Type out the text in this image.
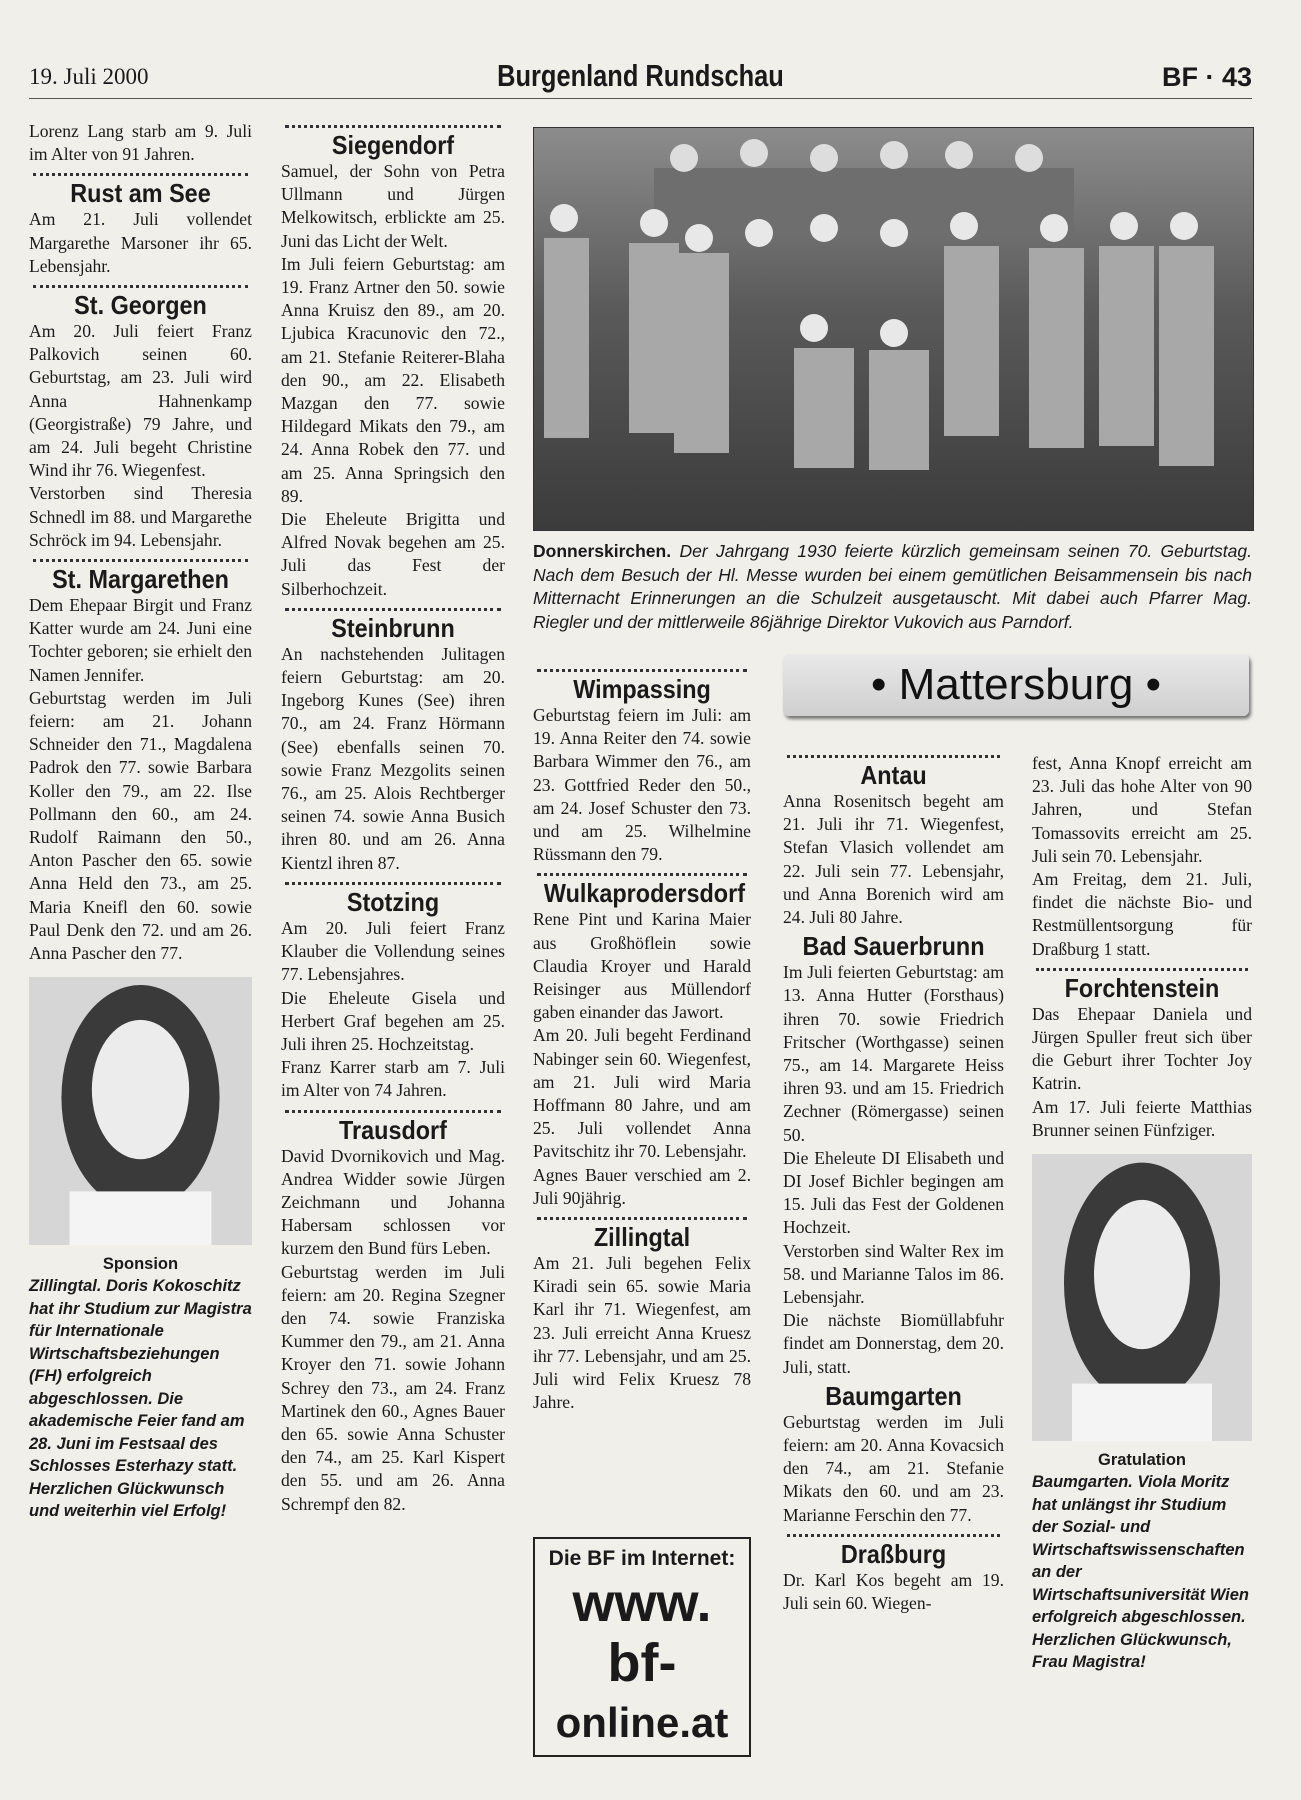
19. Juli 2000	Burgenland Rundschau	BF · 43
Donnerskirchen. Der Jahrgang 1930 feierte kürzlich gemeinsam seinen 70. Geburtstag. Nach dem Besuch der Hl. Messe wurden bei einem gemütlichen Beisammensein bis nach Mitternacht Erinnerungen an die Schulzeit ausgetauscht. Mit dabei auch Pfarrer Mag. Riegler und der mittlerweile 86jährige Direktor Vukovich aus Parndorf.
• Mattersburg •
Die BF im Internet:
www.
bf-
online.at

Lorenz Lang starb am 9. Juli im Alter von 91 Jahren.

Rust am See

Am 21. Juli vollendet Margarethe Marsoner ihr 65. Lebensjahr.

St. Georgen

Am 20. Juli feiert Franz Palkovich seinen 60. Geburtstag, am 23. Juli wird Anna Hahnenkamp (Georgistraße) 79 Jahre, und am 24. Juli begeht Christine Wind ihr 76. Wiegenfest.

Verstorben sind Theresia Schnedl im 88. und Margarethe Schröck im 94. Lebensjahr.

St. Margarethen

Dem Ehepaar Birgit und Franz Katter wurde am 24. Juni eine Tochter geboren; sie erhielt den Namen Jennifer.

Geburtstag werden im Juli feiern: am 21. Johann Schneider den 71., Magdalena Padrok den 77. sowie Barbara Koller den 79., am 22. Ilse Pollmann den 60., am 24. Rudolf Raimann den 50., Anton Pascher den 65. sowie Anna Held den 73., am 25. Maria Kneifl den 60. sowie Paul Denk den 72. und am 26. Anna Pascher den 77.

Sponsion
Zillingtal. Doris Kokoschitz hat ihr Studium zur Magistra für Internationale Wirtschaftsbeziehungen (FH) erfolgreich abgeschlossen. Die akademische Feier fand am 28. Juni im Festsaal des Schlosses Esterhazy statt. Herzlichen Glückwunsch und weiterhin viel Erfolg!
Siegendorf

Samuel, der Sohn von Petra Ullmann und Jürgen Melkowitsch, erblickte am 25. Juni das Licht der Welt.

Im Juli feiern Geburtstag: am 19. Franz Artner den 50. sowie Anna Kruisz den 89., am 20. Ljubica Kracunovic den 72., am 21. Stefanie Reiterer-Blaha den 90., am 22. Elisabeth Mazgan den 77. sowie Hildegard Mikats den 79., am 24. Anna Robek den 77. und am 25. Anna Springsich den 89.

Die Eheleute Brigitta und Alfred Novak begehen am 25. Juli das Fest der Silberhochzeit.

Steinbrunn

An nachstehenden Julitagen feiern Geburtstag: am 20. Ingeborg Kunes (See) ihren 70., am 24. Franz Hörmann (See) ebenfalls seinen 70. sowie Franz Mezgolits seinen 76., am 25. Alois Rechtberger seinen 74. sowie Anna Busich ihren 80. und am 26. Anna Kientzl ihren 87.

Stotzing

Am 20. Juli feiert Franz Klauber die Vollendung seines 77. Lebensjahres.

Die Eheleute Gisela und Herbert Graf begehen am 25. Juli ihren 25. Hochzeitstag.

Franz Karrer starb am 7. Juli im Alter von 74 Jahren.

Trausdorf

David Dvornikovich und Mag. Andrea Widder sowie Jürgen Zeichmann und Johanna Habersam schlossen vor kurzem den Bund fürs Leben.

Geburtstag werden im Juli feiern: am 20. Regina Szegner den 74. sowie Franziska Kummer den 79., am 21. Anna Kroyer den 71. sowie Johann Schrey den 73., am 24. Franz Martinek den 60., Agnes Bauer den 65. sowie Anna Schuster den 74., am 25. Karl Kispert den 55. und am 26. Anna Schrempf den 82.

Wimpassing

Geburtstag feiern im Juli: am 19. Anna Reiter den 74. sowie Barbara Wimmer den 76., am 23. Gottfried Reder den 50., am 24. Josef Schuster den 73. und am 25. Wilhelmine Rüssmann den 79.

Wulkaprodersdorf

Rene Pint und Karina Maier aus Großhöflein sowie Claudia Kroyer und Harald Reisinger aus Müllendorf gaben einander das Jawort.

Am 20. Juli begeht Ferdinand Nabinger sein 60. Wiegenfest, am 21. Juli wird Maria Hoffmann 80 Jahre, und am 25. Juli vollendet Anna Pavitschitz ihr 70. Lebensjahr.

Agnes Bauer verschied am 2. Juli 90jährig.

Zillingtal

Am 21. Juli begehen Felix Kiradi sein 65. sowie Maria Karl ihr 71. Wiegenfest, am 23. Juli erreicht Anna Kruesz ihr 77. Lebensjahr, und am 25. Juli wird Felix Kruesz 78 Jahre.

Antau

Anna Rosenitsch begeht am 21. Juli ihr 71. Wiegenfest, Stefan Vlasich vollendet am 22. Juli sein 77. Lebensjahr, und Anna Borenich wird am 24. Juli 80 Jahre.

Bad Sauerbrunn

Im Juli feierten Geburtstag: am 13. Anna Hutter (Forsthaus) ihren 70. sowie Friedrich Fritscher (Worthgasse) seinen 75., am 14. Margarete Heiss ihren 93. und am 15. Friedrich Zechner (Römergasse) seinen 50.

Die Eheleute DI Elisabeth und DI Josef Bichler begingen am 15. Juli das Fest der Goldenen Hochzeit.

Verstorben sind Walter Rex im 58. und Marianne Talos im 86. Lebensjahr.

Die nächste Biomüllabfuhr findet am Donnerstag, dem 20. Juli, statt.

Baumgarten

Geburtstag werden im Juli feiern: am 20. Anna Kovacsich den 74., am 21. Stefanie Mikats den 60. und am 23. Marianne Ferschin den 77.

Draßburg

Dr. Karl Kos begeht am 19. Juli sein 60. Wiegen-

fest, Anna Knopf erreicht am 23. Juli das hohe Alter von 90 Jahren, und Stefan Tomassovits erreicht am 25. Juli sein 70. Lebensjahr.

Am Freitag, dem 21. Juli, findet die nächste Bio- und Restmüllentsorgung für Draßburg 1 statt.

Forchtenstein

Das Ehepaar Daniela und Jürgen Spuller freut sich über die Geburt ihrer Tochter Joy Katrin.

Am 17. Juli feierte Matthias Brunner seinen Fünfziger.

Gratulation
Baumgarten. Viola Moritz hat unlängst ihr Studium der Sozial- und Wirtschaftswissenschaften an der Wirtschaftsuniversität Wien erfolgreich abgeschlossen. Herzlichen Glückwunsch, Frau Magistra!
